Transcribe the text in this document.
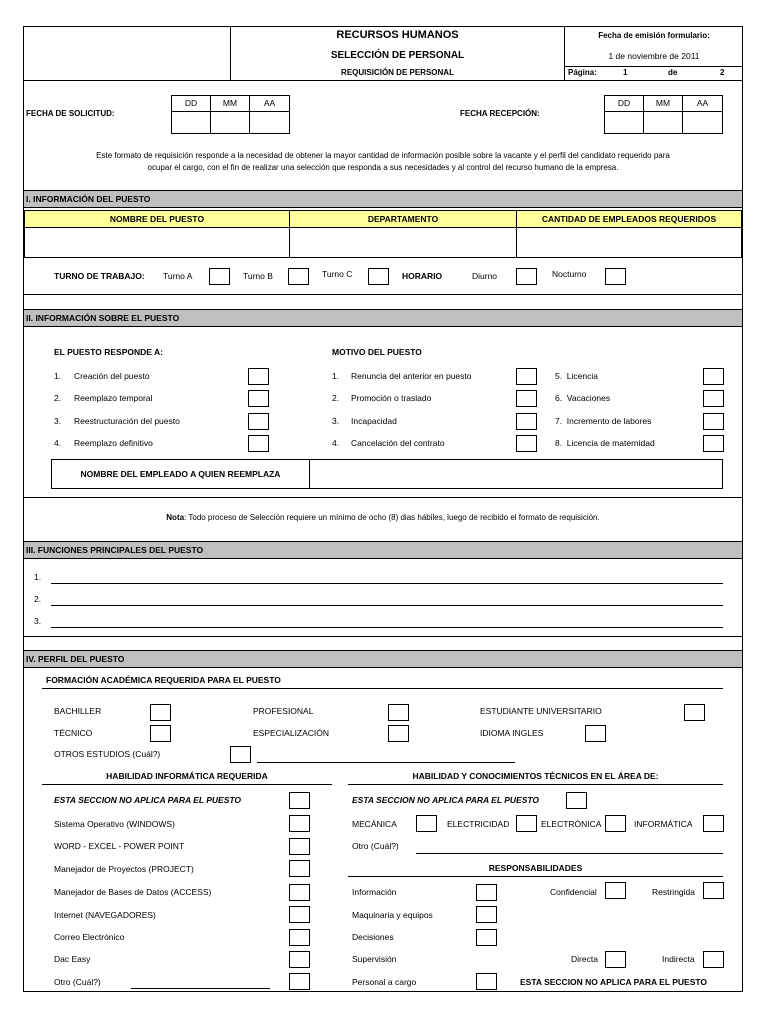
RECURSOS HUMANOS
SELECCIÓN DE PERSONAL
REQUISICIÓN DE PERSONAL
Fecha de emisión formulario:
1 de noviembre de 2011
Página:	1	de	2
FECHA DE SOLICITUD:
DD	MM	AA
FECHA RECEPCIÓN:
DD	MM	AA
Este formato de requisición responde a la necesidad de obtener la mayor cantidad de información posible sobre la vacante y el perfil del candidato requerido para
ocupar el cargo, con el fin de realizar una selección que responda a sus necesidades y al control del recurso humano de la empresa.
I. INFORMACIÓN DEL PUESTO
NOMBRE DEL PUESTO	DEPARTAMENTO	CANTIDAD DE EMPLEADOS REQUERIDOS
TURNO DE TRABAJO: Turno A	Turno B	Turno C	HORARIO	Diurno	Nocturno
II. INFORMACIÓN SOBRE EL PUESTO
EL PUESTO RESPONDE A:	MOTIVO DEL PUESTO
1. Creación del puesto
2. Reemplazo temporal
3. Reestructuración del puesto
4. Reemplazo definitivo
1. Renuncia del anterior en puesto
2. Promoción o traslado
3. Incapacidad
4. Cancelación del contrato
5.  Licencia
6.  Vacaciones
7.  Incremento de labores
8.  Licencia de maternidad
NOMBRE DEL EMPLEADO A QUIEN REEMPLAZA
Nota: Todo proceso de Selección requiere un mínimo de ocho (8) dias hábiles, luego de recibido el formato de requisición.
III. FUNCIONES PRINCIPALES DEL PUESTO
1.
2.
3.
IV. PERFIL DEL PUESTO
FORMACIÓN ACADÉMICA REQUERIDA PARA EL PUESTO
BACHILLER
TÉCNICO
PROFESIONAL
ESPECIALIZACIÓN
ESTUDIANTE UNIVERSITARIO
IDIOMA INGLES
OTROS ESTUDIOS (Cuál?)
HABILIDAD INFORMÁTICA REQUERIDA	HABILIDAD Y CONOCIMIENTOS TÉCNICOS EN EL ÁREA DE:
ESTA SECCION NO APLICA PARA EL PUESTO	ESTA SECCION NO APLICA PARA EL PUESTO
Sistema Operativo (WINDOWS)
WORD - EXCEL - POWER POINT
Manejador de Proyectos (PROJECT)
Manejador de Bases de Datos (ACCESS)
Internet (NAVEGADORES)
Correo Electrónico
Dac Easy
Otro (Cuál?)
MECÁNICA	ELECTRICIDAD	ELECTRÓNICA	INFORMÁTICA
Otro (Cuál?)
RESPONSABILIDADES
Información	Confidencial	Restringida
Maquinaria y equipos
Decisiones
Supervisión	Directa	Indirecta
Personal a cargo	ESTA SECCION NO APLICA PARA EL PUESTO
